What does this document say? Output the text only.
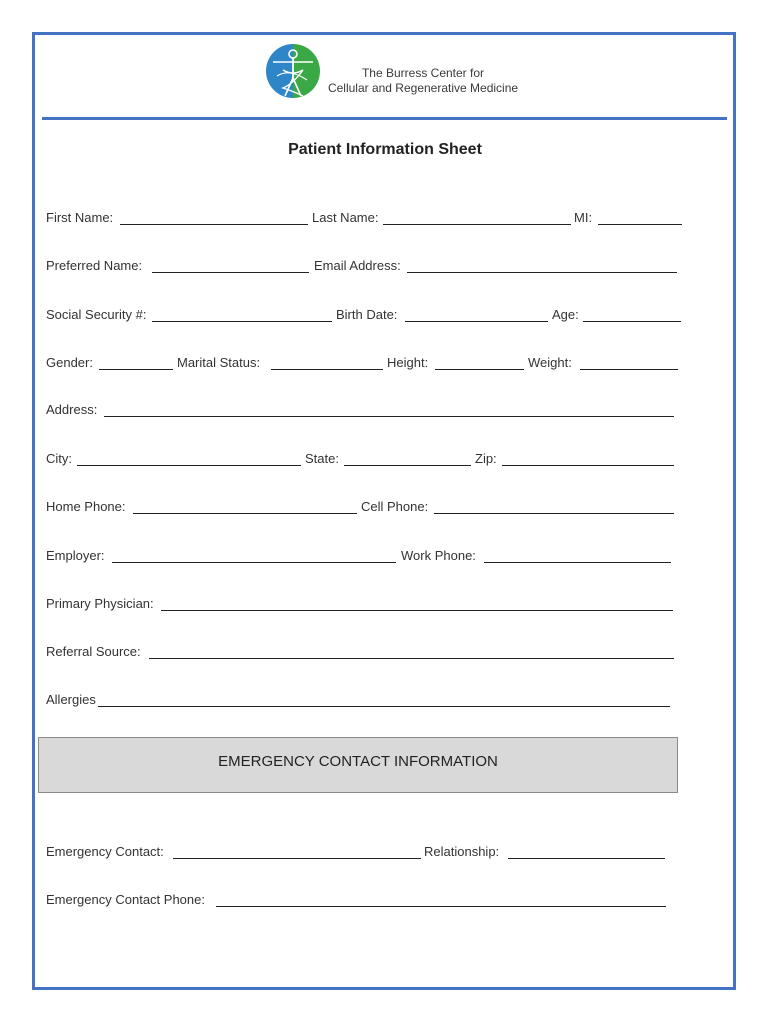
The Burress Center for
Cellular and Regenerative Medicine
Patient Information Sheet
First Name:	Last Name:	MI:
Preferred Name:	Email Address:
Social Security #:	Birth Date:	Age:
Gender:	Marital Status:	Height:	Weight:
Address:
City:	State:	Zip:
Home Phone:	Cell Phone:
Employer:	Work Phone:
Primary Physician:
Referral Source:
Allergies
EMERGENCY CONTACT INFORMATION
Emergency Contact:	Relationship:
Emergency Contact Phone:
